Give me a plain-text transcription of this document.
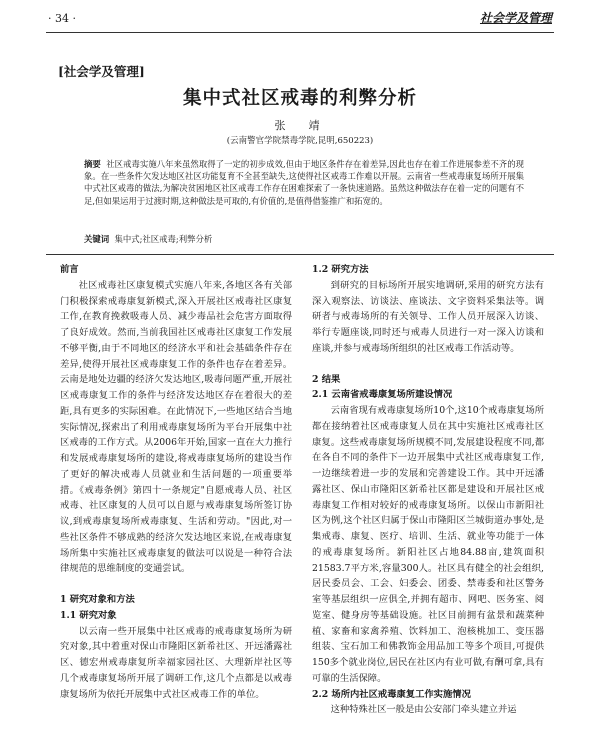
· 34 ·	社会学及管理
[社会学及管理]
集中式社区戒毒的利弊分析
张　靖
(云南警官学院禁毒学院,昆明,650223)
摘要 社区戒毒实施八年来虽然取得了一定的初步成效,但由于地区条件存在着差异,因此也存在着工作进展参差不齐的现象。在一些条件欠发达地区社区功能复育不全甚至缺失,这使得社区戒毒工作难以开展。云南省一些戒毒康复场所开展集中式社区戒毒的做法,为解决贫困地区社区戒毒工作存在困难探索了一条快速道路。虽然这种做法存在着一定的问题有不足,但如果运用于过渡时期,这种做法是可取的,有价值的,是值得借鉴推广和拓宽的。
关键词 集中式;社区戒毒;利弊分析

前言

社区戒毒社区康复模式实施八年来,各地区各有关部门积极探索戒毒康复新模式,深入开展社区戒毒社区康复工作,在教育挽救吸毒人员、减少毒品社会危害方面取得了良好成效。然而,当前我国社区戒毒社区康复工作发展不够平衡,由于不同地区的经济水平和社会基础条件存在差异,使得开展社区戒毒康复工作的条件也存在着差异。云南是地处边疆的经济欠发达地区,吸毒问题严重,开展社区戒毒康复工作的条件与经济发达地区存在着很大的差距,具有更多的实际困难。在此情况下,一些地区结合当地实际情况,探索出了利用戒毒康复场所为平台开展集中社区戒毒的工作方式。从2006年开始,国家一直在大力推行和发展戒毒康复场所的建设,将戒毒康复场所的建设当作了更好的解决戒毒人员就业和生活问题的一项重要举措。《戒毒条例》第四十一条规定"自愿戒毒人员、社区戒毒、社区康复的人员可以自愿与戒毒康复场所签订协议,到戒毒康复场所戒毒康复、生活和劳动。"因此,对一些社区条件不够成熟的经济欠发达地区来说,在戒毒康复场所集中实施社区戒毒康复的做法可以说是一种符合法律规范的思维制度的变通尝试。

1 研究对象和方法

1.1 研究对象

以云南一些开展集中社区戒毒的戒毒康复场所为研究对象,其中着重对保山市隆阳区新希社区、开远潘露社区、德宏州戒毒康复所幸福家园社区、大理新岸社区等几个戒毒康复场所开展了调研工作,这几个点都是以戒毒康复场所为依托开展集中式社区戒毒工作的单位。

1.2 研究方法

到研究的目标场所开展实地调研,采用的研究方法有深入观察法、访谈法、座谈法、文字资料采集法等。调研者与戒毒场所的有关领导、工作人员开展深入访谈、举行专题座谈,同时还与戒毒人员进行一对一深入访谈和座谈,并参与戒毒场所组织的社区戒毒工作活动等。

2 结果

2.1 云南省戒毒康复场所建设情况

云南省现有戒毒康复场所10个,这10个戒毒康复场所都在接纳着社区戒毒康复人员在其中实施社区戒毒社区康复。这些戒毒康复场所规模不同,发展建设程度不同,都在各自不同的条件下一边开展集中式社区戒毒康复工作,一边继续着进一步的发展和完善建设工作。其中开远潘露社区、保山市隆阳区新希社区都是建设和开展社区戒毒康复工作相对较好的戒毒康复场所。以保山市新阳社区为例,这个社区归属于保山市隆阳区兰城街道办事处,是集戒毒、康复、医疗、培训、生活、就业等功能于一体的戒毒康复场所。新阳社区占地84.88亩,建筑面积21583.7平方米,容量300人。社区具有健全的社会组织,居民委员会、工会、妇委会、团委、禁毒委和社区警务室等基层组织一应俱全,并拥有超市、网吧、医务室、阅览室、健身房等基础设施。社区目前拥有盆景和蔬菜种植、家畜和家禽养殖、饮料加工、泡核桃加工、变压器组装、宝石加工和佛教饰金用品加工等多个项目,可提供150多个就业岗位,居民在社区内有业可做,有酬可拿,具有可靠的生活保障。

2.2 场所内社区戒毒康复工作实施情况

这种特殊社区一般是由公安部门牵头建立并运
